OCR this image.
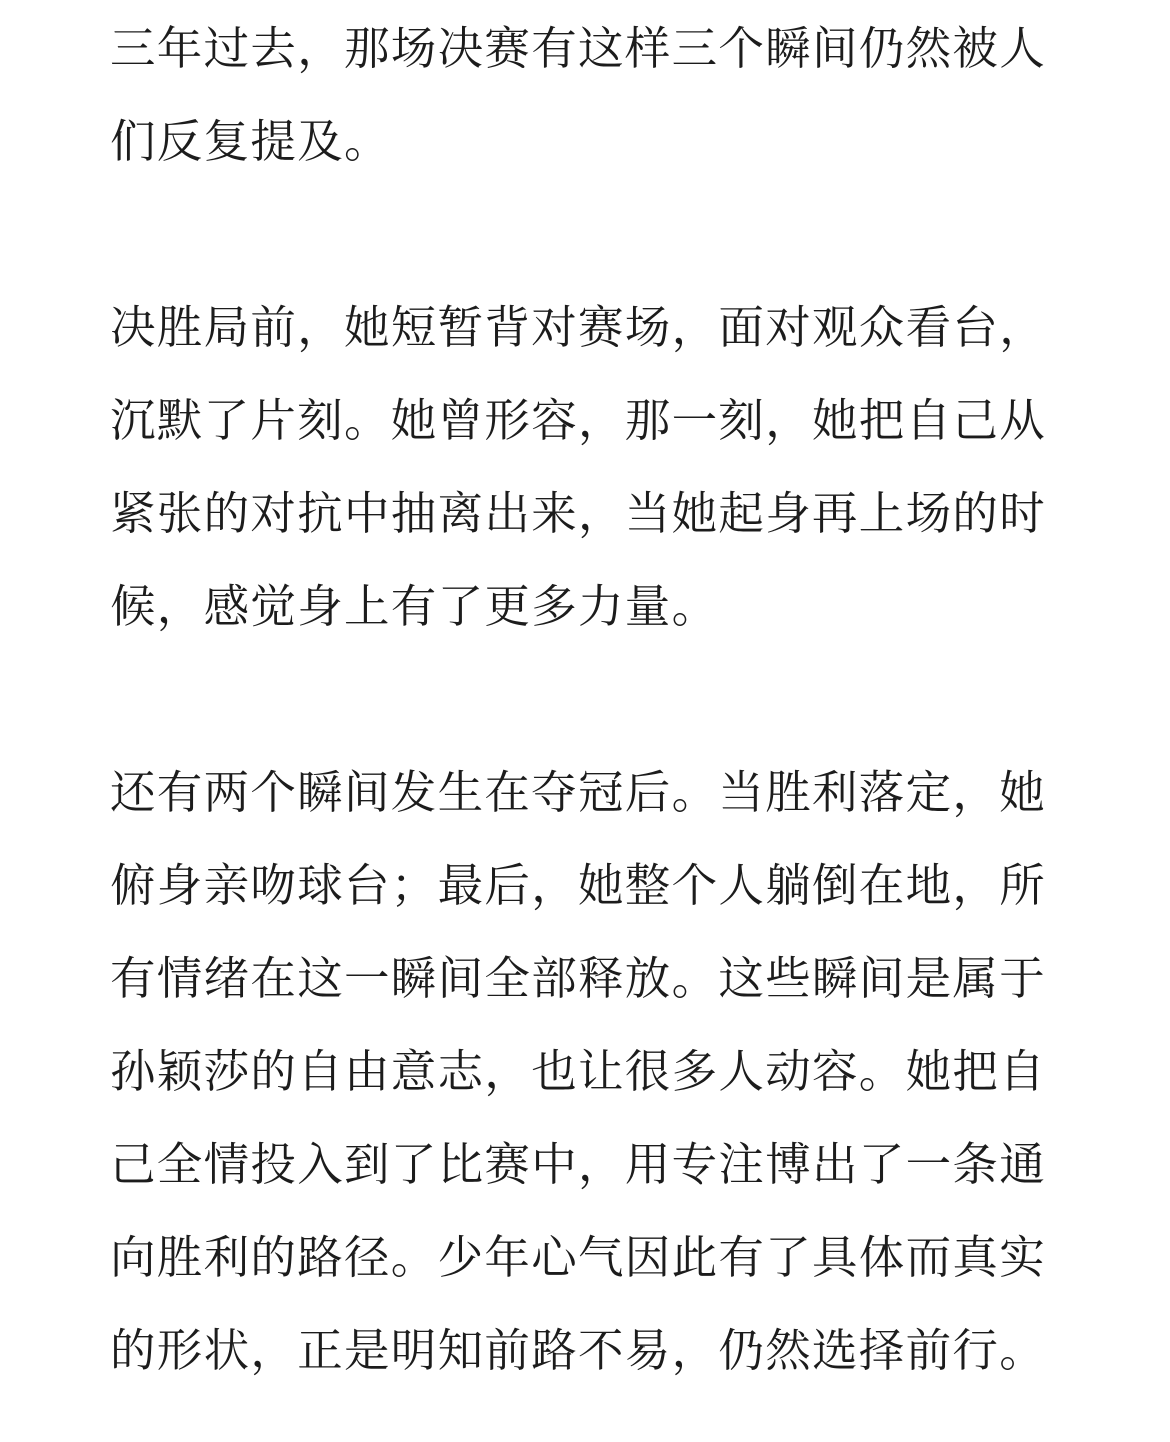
三年过去，那场决赛有这样三个瞬间仍然被人们反复提及。

决胜局前，她短暂背对赛场，面对观众看台，沉默了片刻。她曾形容，那一刻，她把自己从紧张的对抗中抽离出来，当她起身再上场的时候，感觉身上有了更多力量。

还有两个瞬间发生在夺冠后。当胜利落定，她俯身亲吻球台；最后，她整个人躺倒在地，所有情绪在这一瞬间全部释放。这些瞬间是属于孙颖莎的自由意志，也让很多人动容。她把自己全情投入到了比赛中，用专注博出了一条通向胜利的路径。少年心气因此有了具体而真实的形状，正是明知前路不易，仍然选择前行。
